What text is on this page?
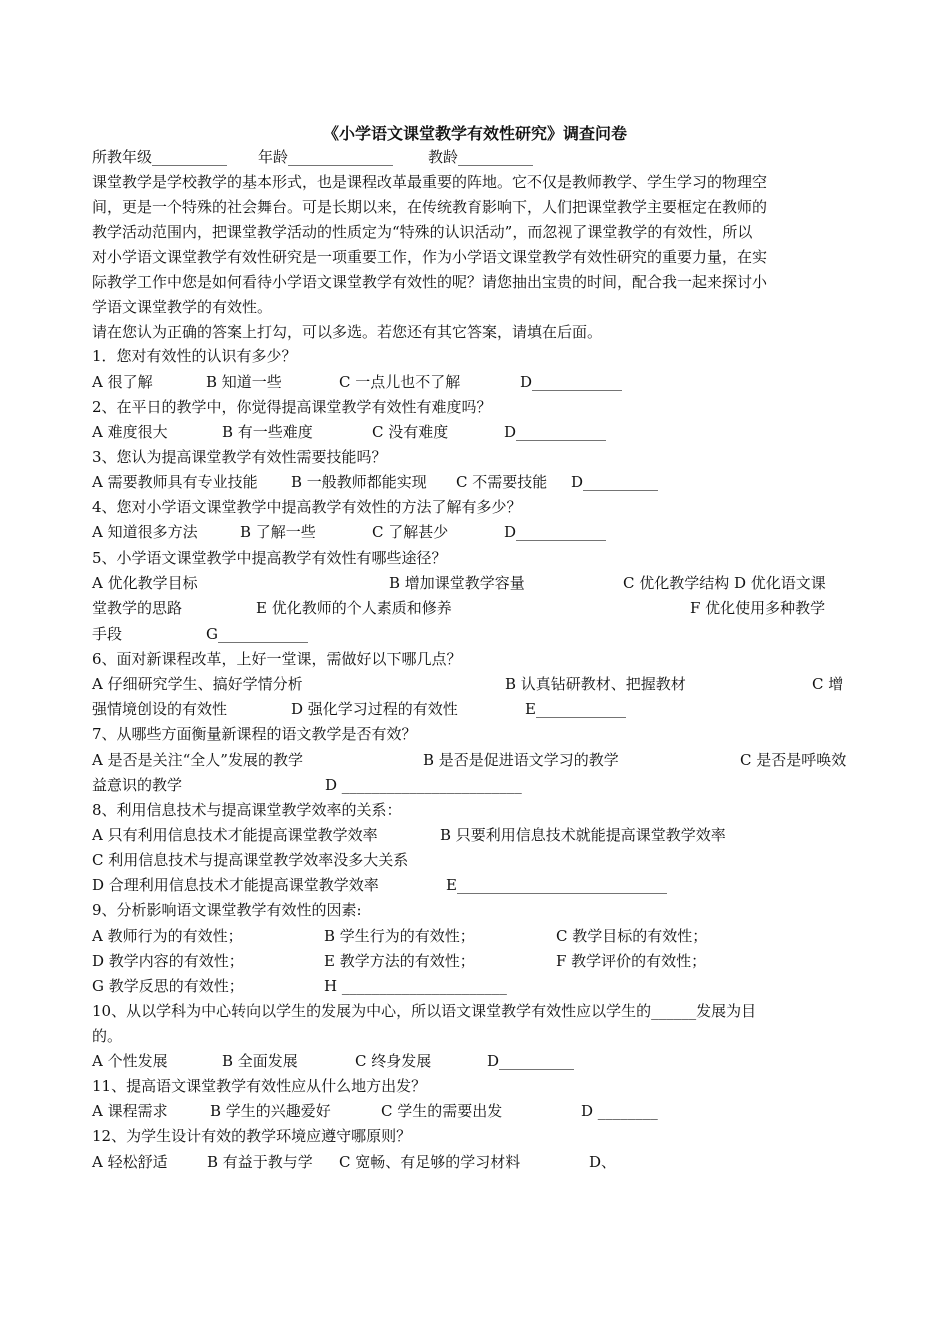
《小学语文课堂教学有效性研究》调查问卷
所教年级__________ 年龄______________ 教龄__________
课堂教学是学校教学的基本形式，也是课程改革最重要的阵地。它不仅是教师教学、学生学习的物理空
间，更是一个特殊的社会舞台。可是长期以来，在传统教育影响下，人们把课堂教学主要框定在教师的
教学活动范围内，把课堂教学活动的性质定为“特殊的认识活动”，而忽视了课堂教学的有效性，所以
对小学语文课堂教学有效性研究是一项重要工作，作为小学语文课堂教学有效性研究的重要力量，在实
际教学工作中您是如何看待小学语文课堂教学有效性的呢？请您抽出宝贵的时间，配合我一起来探讨小
学语文课堂教学的有效性。
请在您认为正确的答案上打勾，可以多选。若您还有其它答案，请填在后面。
1．您对有效性的认识有多少？
A 很了解	B 知道一些	C 一点儿也不了解	D____________
2、在平日的教学中，你觉得提高课堂教学有效性有难度吗？
A 难度很大	B 有一些难度	C 没有难度	D____________
3、您认为提高课堂教学有效性需要技能吗？
A 需要教师具有专业技能 B 一般教师都能实现 C 不需要技能 D__________
4、您对小学语文课堂教学中提高教学有效性的方法了解有多少？
A 知道很多方法	B 了解一些	C 了解甚少	D____________
5、小学语文课堂教学中提高教学有效性有哪些途径？
A 优化教学目标	B 增加课堂教学容量	C 优化教学结构 D 优化语文课
堂教学的思路	E 优化教师的个人素质和修养	F 优化使用多种教学
手段	G____________
6、面对新课程改革，上好一堂课，需做好以下哪几点？
A 仔细研究学生、搞好学情分析	B 认真钻研教材、把握教材	C 增
强情境创设的有效性	D 强化学习过程的有效性	E____________
7、从哪些方面衡量新课程的语文教学是否有效？
A 是否是关注“全人”发展的教学	B 是否是促进语文学习的教学	C 是否是呼唤效
益意识的教学	D ________________________
8、利用信息技术与提高课堂教学效率的关系：
A 只有利用信息技术才能提高课堂教学效率	B 只要利用信息技术就能提高课堂教学效率
C 利用信息技术与提高课堂教学效率没多大关系
D 合理利用信息技术才能提高课堂教学效率	E____________________________
9、分析影响语文课堂教学有效性的因素:
A 教师行为的有效性；	B 学生行为的有效性；	C 教学目标的有效性；
D 教学内容的有效性；	E 教学方法的有效性；	F 教学评价的有效性；
G 教学反思的有效性；	H ______________________
10、从以学科为中心转向以学生的发展为中心，所以语文课堂教学有效性应以学生的______发展为目
的。
A 个性发展	B 全面发展	C 终身发展	D__________
11、提高语文课堂教学有效性应从什么地方出发？
A 课程需求	B 学生的兴趣爱好	C 学生的需要出发	D ________
12、为学生设计有效的教学环境应遵守哪原则？
A 轻松舒适	B 有益于教与学 C 宽畅、有足够的学习材料	D、
